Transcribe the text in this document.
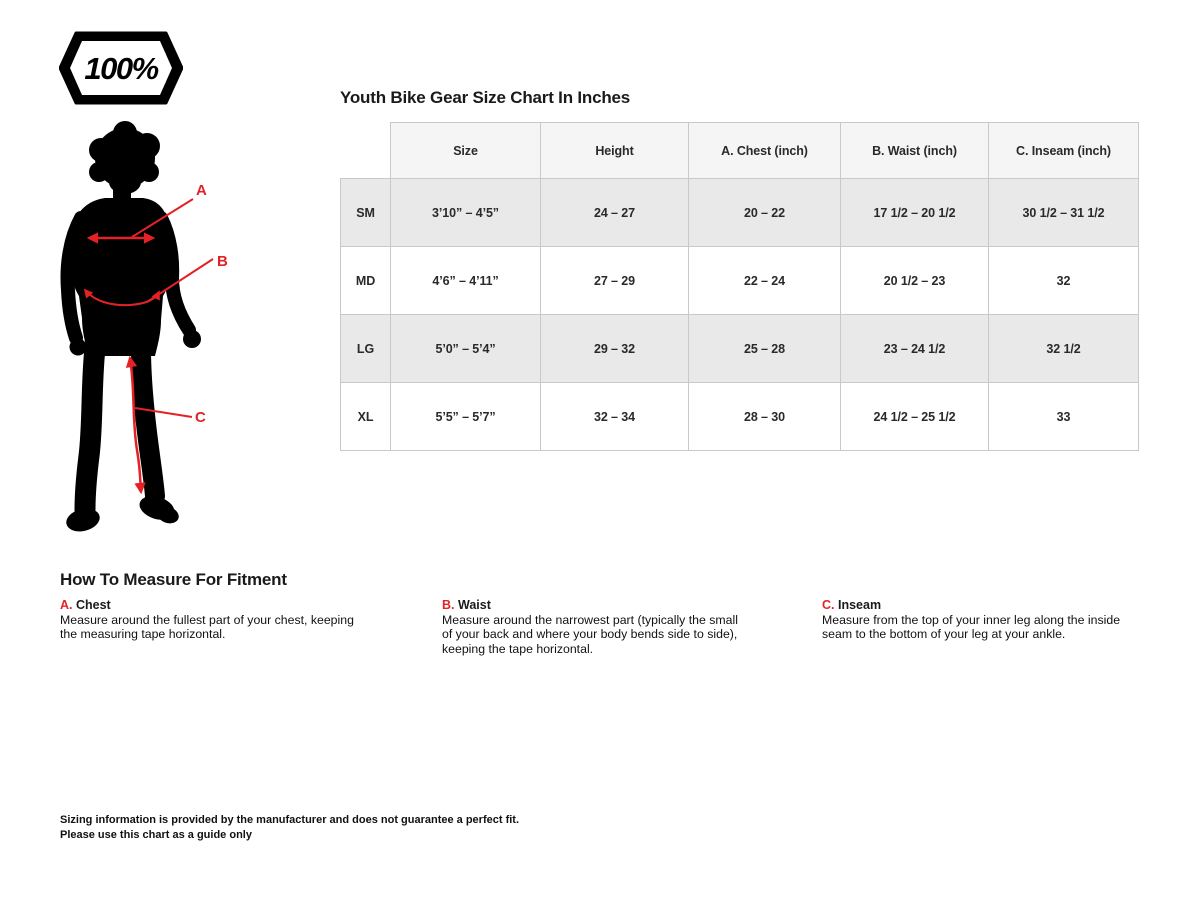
100%
A
B
C
Youth Bike Gear Size Chart In Inches
	Size	Height	A. Chest (inch)	B. Waist (inch)	C. Inseam (inch)
SM	3’10” – 4’5”	24 – 27	20 – 22	17 1/2 – 20 1/2	30 1/2 – 31 1/2
MD	4’6” – 4’11”	27 – 29	22 – 24	20 1/2 – 23	32
LG	5’0” – 5’4”	29 – 32	25 – 28	23 – 24 1/2	32 1/2
XL	5’5” – 5’7”	32 – 34	28 – 30	24 1/2 – 25 1/2	33
How To Measure For Fitment
A. Chest
Measure around the fullest part of your chest, keeping the measuring tape horizontal.
B. Waist
Measure around the narrowest part (typically the small of your back and where your body bends side to side), keeping the tape horizontal.
C. Inseam
Measure from the top of your inner leg along the inside seam to the bottom of your leg at your ankle.
Sizing information is provided by the manufacturer and does not guarantee a perfect fit.
Please use this chart as a guide only
